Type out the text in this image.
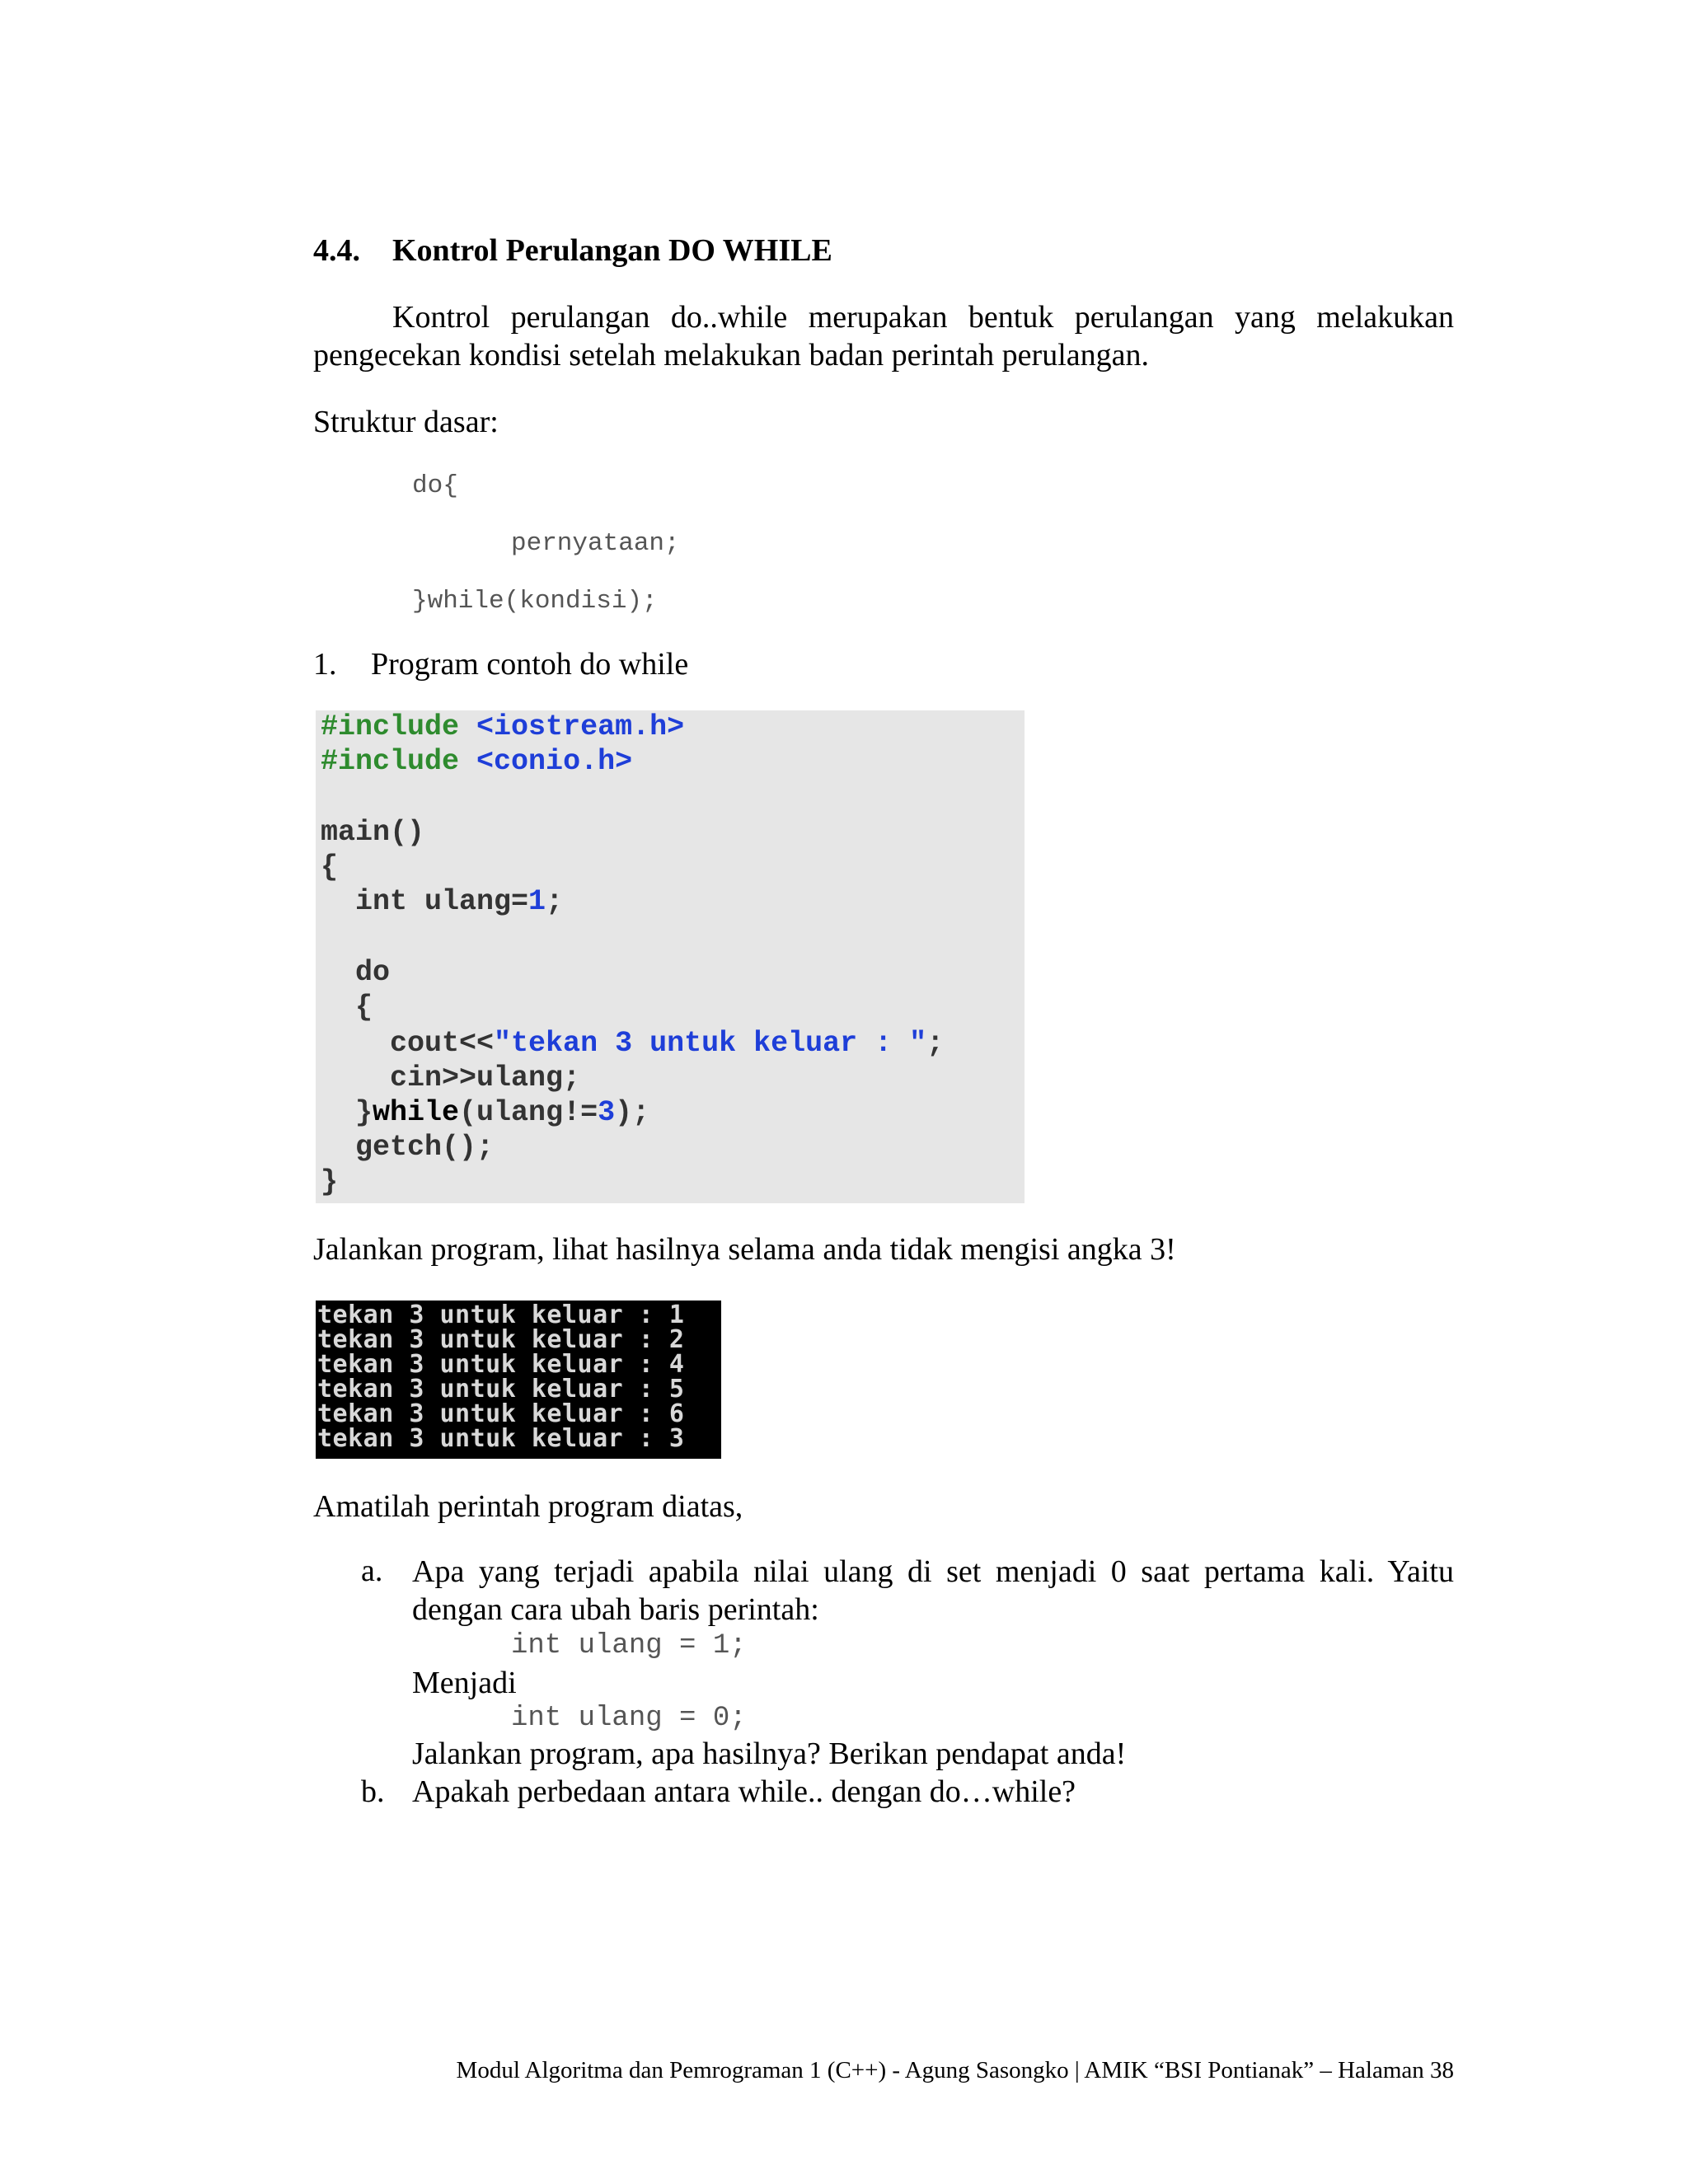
4.4. Kontrol Perulangan DO WHILE
Kontrol perulangan do..while merupakan bentuk perulangan yang melakukan pengecekan kondisi setelah melakukan badan perintah perulangan.
Struktur dasar:
do{
pernyataan;
}while(kondisi);
1. Program contoh do while
#include <iostream.h>
#include <conio.h>
main()
{
int ulang=1;
do
{
cout<<"tekan 3 untuk keluar : ";
cin>>ulang;
}while(ulang!=3);
getch();
}
Jalankan program, lihat hasilnya selama anda tidak mengisi angka 3!
tekan 3 untuk keluar : 1
tekan 3 untuk keluar : 2
tekan 3 untuk keluar : 4
tekan 3 untuk keluar : 5
tekan 3 untuk keluar : 6
tekan 3 untuk keluar : 3
Amatilah perintah program diatas,
a. Apa yang terjadi apabila nilai ulang di set menjadi 0 saat pertama kali. Yaitu dengan cara ubah baris perintah:
int ulang = 1;
Menjadi
int ulang = 0;
Jalankan program, apa hasilnya? Berikan pendapat anda!
b. Apakah perbedaan antara while.. dengan do…while?
Modul Algoritma dan Pemrograman 1 (C++) - Agung Sasongko | AMIK “BSI Pontianak” – Halaman 38
